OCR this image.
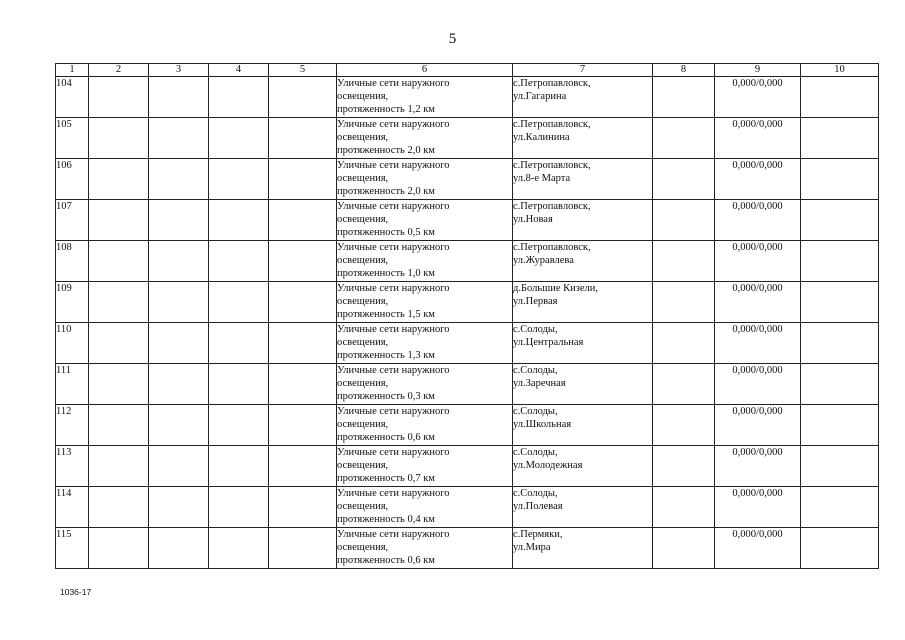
5
1	2	3	4	5	6	7	8	9	10
104					Уличные сети наружного
освещения,
протяженность 1,2 км	с.Петропавловск,
ул.Гагарина		0,000/0,000	
105					Уличные сети наружного
освещения,
протяженность 2,0 км	с.Петропавловск,
ул.Калинина		0,000/0,000	
106					Уличные сети наружного
освещения,
протяженность 2,0 км	с.Петропавловск,
ул.8-е Марта		0,000/0,000	
107					Уличные сети наружного
освещения,
протяженность 0,5 км	с.Петропавловск,
ул.Новая		0,000/0,000	
108					Уличные сети наружного
освещения,
протяженность 1,0 км	с.Петропавловск,
ул.Журавлева		0,000/0,000	
109					Уличные сети наружного
освещения,
протяженность 1,5 км	д.Большие Кизели,
ул.Первая		0,000/0,000	
110					Уличные сети наружного
освещения,
протяженность 1,3 км	с.Солоды,
ул.Центральная		0,000/0,000	
111					Уличные сети наружного
освещения,
протяженность 0,3 км	с.Солоды,
ул.Заречная		0,000/0,000	
112					Уличные сети наружного
освещения,
протяженность 0,6 км	с.Солоды,
ул.Школьная		0,000/0,000	
113					Уличные сети наружного
освещения,
протяженность 0,7 км	с.Солоды,
ул.Молодежная		0,000/0,000	
114					Уличные сети наружного
освещения,
протяженность 0,4 км	с.Солоды,
ул.Полевая		0,000/0,000	
115					Уличные сети наружного
освещения,
протяженность 0,6 км	с.Пермяки,
ул.Мира		0,000/0,000	
1036-17
